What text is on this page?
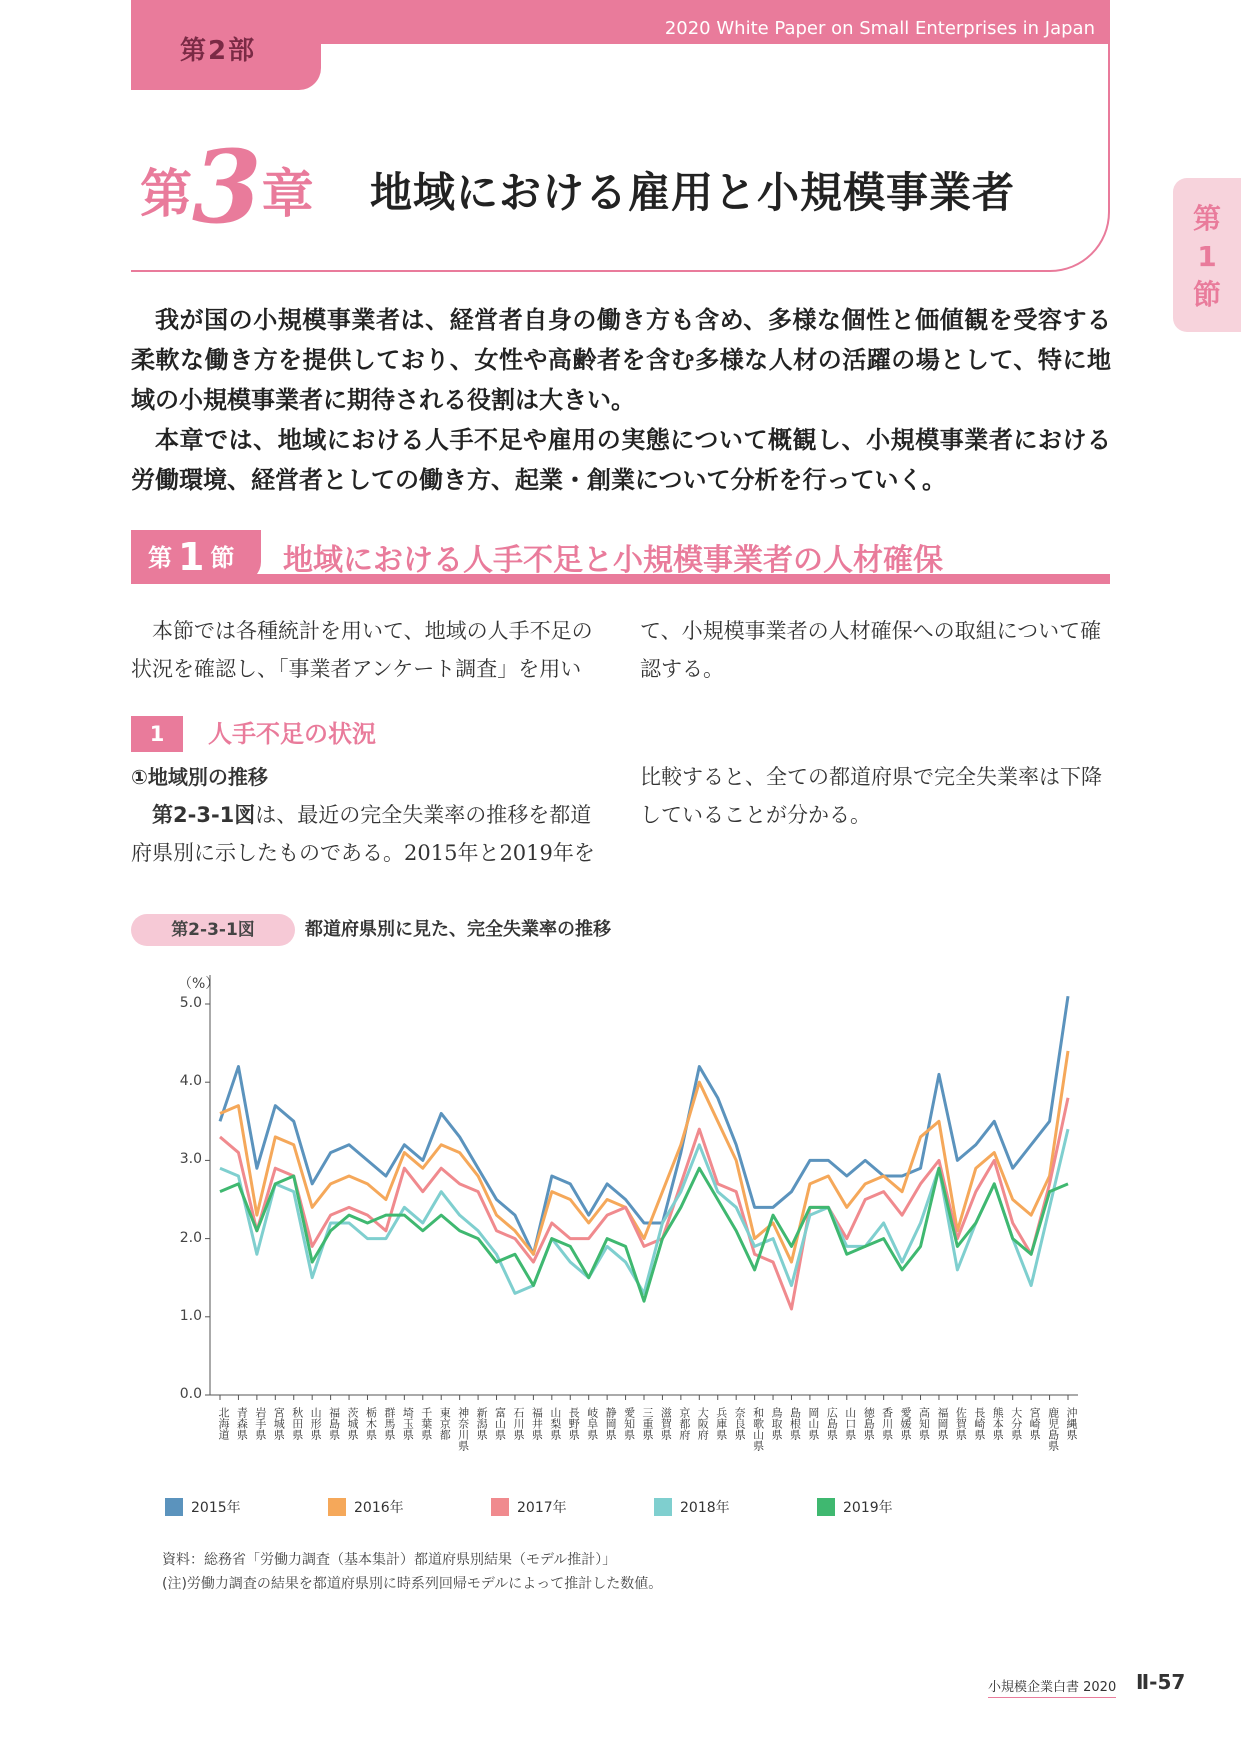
第2部
2020 White Paper on Small Enterprises in Japan
第3章 地域における雇用と小規模事業者
第1節

我が国の小規模事業者は、経営者自身の働き方も含め、多様な個性と価値観を受容する柔軟な働き方を提供しており、女性や高齢者を含む多様な人材の活躍の場として、特に地域の小規模事業者に期待される役割は大きい。

本章では、地域における人手不足や雇用の実態について概観し、小規模事業者における労働環境、経営者としての働き方、起業・創業について分析を行っていく。

第 1 節 地域における人手不足と小規模事業者の人材確保

本節では各種統計を用いて、地域の人手不足の状況を確認し、「事業者アンケート調査」を用い

て、小規模事業者の人材確保への取組について確認する。

1	人手不足の状況

①地域別の推移

第2-3-1図は、最近の完全失業率の推移を都道府県別に示したものである。2015年と2019年を

比較すると、全ての都道府県で完全失業率は下降していることが分かる。

第2-3-1図	都道府県別に見た、完全失業率の推移
（%）
0.0
1.0
2.0
3.0
4.0
5.0
北海道 青森県 岩手県 宮城県 秋田県 山形県 福島県 茨城県 栃木県 群馬県 埼玉県 千葉県 東京都 神奈川県 新潟県 富山県 石川県 福井県 山梨県 長野県 岐阜県 静岡県 愛知県 三重県 滋賀県 京都府 大阪府 兵庫県 奈良県 和歌山県 鳥取県 島根県 岡山県 広島県 山口県 徳島県 香川県 愛媛県 高知県 福岡県 佐賀県 長崎県 熊本県 大分県 宮崎県 鹿児島県 沖縄県
2015年	2016年	2017年	2018年	2019年
資料：総務省「労働力調査（基本集計）都道府県別結果（モデル推計）」
(注)労働力調査の結果を都道府県別に時系列回帰モデルによって推計した数値。
小規模企業白書 2020 Ⅱ-57
